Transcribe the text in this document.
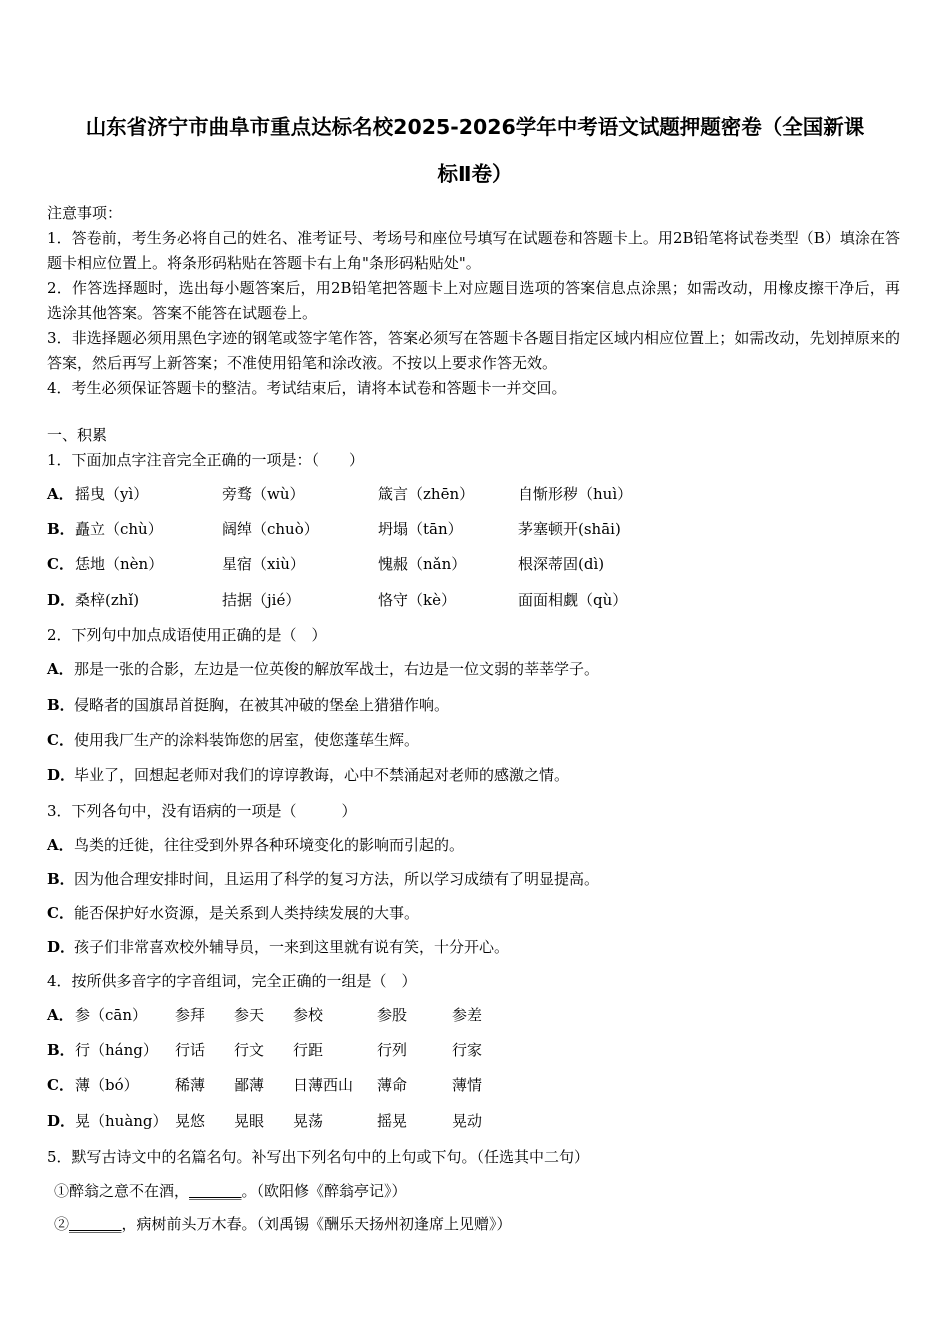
山东省济宁市曲阜市重点达标名校2025-2026学年中考语文试题押题密卷（全国新课
标Ⅱ卷）
注意事项：
1．答卷前，考生务必将自己的姓名、准考证号、考场号和座位号填写在试题卷和答题卡上。用2B铅笔将试卷类型（B）填涂在答题卡相应位置上。将条形码粘贴在答题卡右上角"条形码粘贴处"。
2．作答选择题时，选出每小题答案后，用2B铅笔把答题卡上对应题目选项的答案信息点涂黑；如需改动，用橡皮擦干净后，再选涂其他答案。答案不能答在试题卷上。
3．非选择题必须用黑色字迹的钢笔或签字笔作答，答案必须写在答题卡各题目指定区域内相应位置上；如需改动，先划掉原来的答案，然后再写上新答案；不准使用铅笔和涂改液。不按以上要求作答无效。
4．考生必须保证答题卡的整洁。考试结束后，请将本试卷和答题卡一并交回。
一、积累
1．下面加点字注音完全正确的一项是：（　　）
A． 摇曳（yì）	旁骛（wù）	箴言（zhēn）	自惭形秽（huì）
B． 矗立（chù）	阔绰（chuò）	坍塌（tān）	茅塞顿开(shāi)
C． 恁地（nèn）	星宿（xiù）	愧赧（nǎn）	根深蒂固(dì)
D． 桑梓(zhǐ)	拮据（jié）	恪守（kè）	面面相觑（qù）
2．下列句中加点成语使用正确的是（　）
A． 那是一张的合影，左边是一位英俊的解放军战士，右边是一位文弱的莘莘学子。
B． 侵略者的国旗昂首挺胸，在被其冲破的堡垒上猎猎作响。
C． 使用我厂生产的涂料装饰您的居室，使您蓬荜生辉。
D．
毕业了，回想起老师对我们的谆谆教诲，心中不禁涌起对老师的感激之情。
3．下列各句中，没有语病的一项是（　　　）
A． 鸟类的迁徙，往往受到外界各种环境变化的影响而引起的。
B． 因为他合理安排时间，且运用了科学的复习方法，所以学习成绩有了明显提高。
C． 能否保护好水资源，是关系到人类持续发展的大事。
D．
孩子们非常喜欢校外辅导员，一来到这里就有说有笑，十分开心。
4．按所供多音字的字音组词，完全正确的一组是（　）
A． 参（cān） 参拜 参天 参校	参股	参差
B． 行（háng） 行话 行文 行距	行列	行家
C． 薄（bó） 稀薄 鄙薄 日薄西山 薄命	薄情
D． 晃（huàng） 晃悠 晃眼 晃荡	摇晃	晃动
5．默写古诗文中的名篇名句。补写出下列名句中的上句或下句。（任选其中二句）
①醉翁之意不在酒，_______。（欧阳修《醉翁亭记》）
②_______，病树前头万木春。（刘禹锡《酬乐天扬州初逢席上见赠》）
